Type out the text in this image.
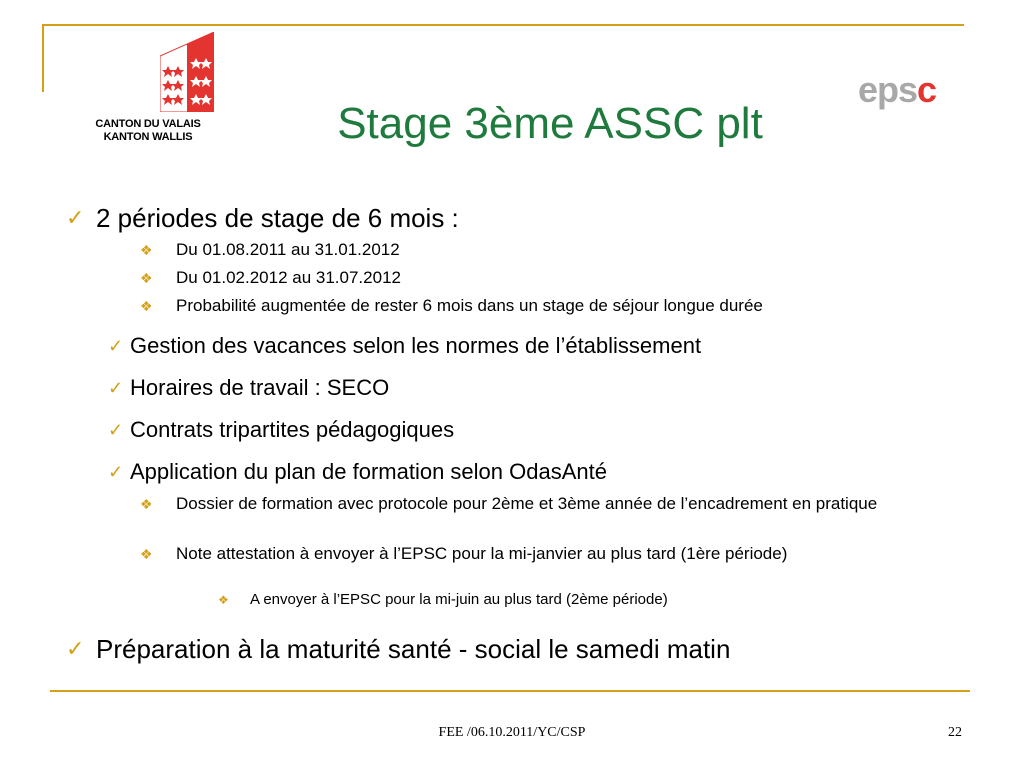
CANTON DU VALAIS
KANTON WALLIS
epsc
Stage 3ème ASSC plt
✓ 2 périodes de stage de 6 mois :
❖	Du 01.08.2011 au 31.01.2012
❖	Du 01.02.2012 au 31.07.2012
❖	Probabilité augmentée de rester 6 mois dans un stage de séjour longue durée
✓ Gestion des vacances selon les normes de l’établissement
✓ Horaires de travail : SECO
✓ Contrats tripartites pédagogiques
✓ Application du plan de formation selon OdasAnté
❖	Dossier de formation avec protocole pour 2ème et 3ème année de l’encadrement en pratique
❖	Note attestation à envoyer à l’EPSC pour la mi-janvier au plus tard (1ère période)
❖	A envoyer à l’EPSC pour la mi-juin au plus tard (2ème période)
✓ Préparation à la maturité santé - social le samedi matin
FEE /06.10.2011/YC/CSP	22
